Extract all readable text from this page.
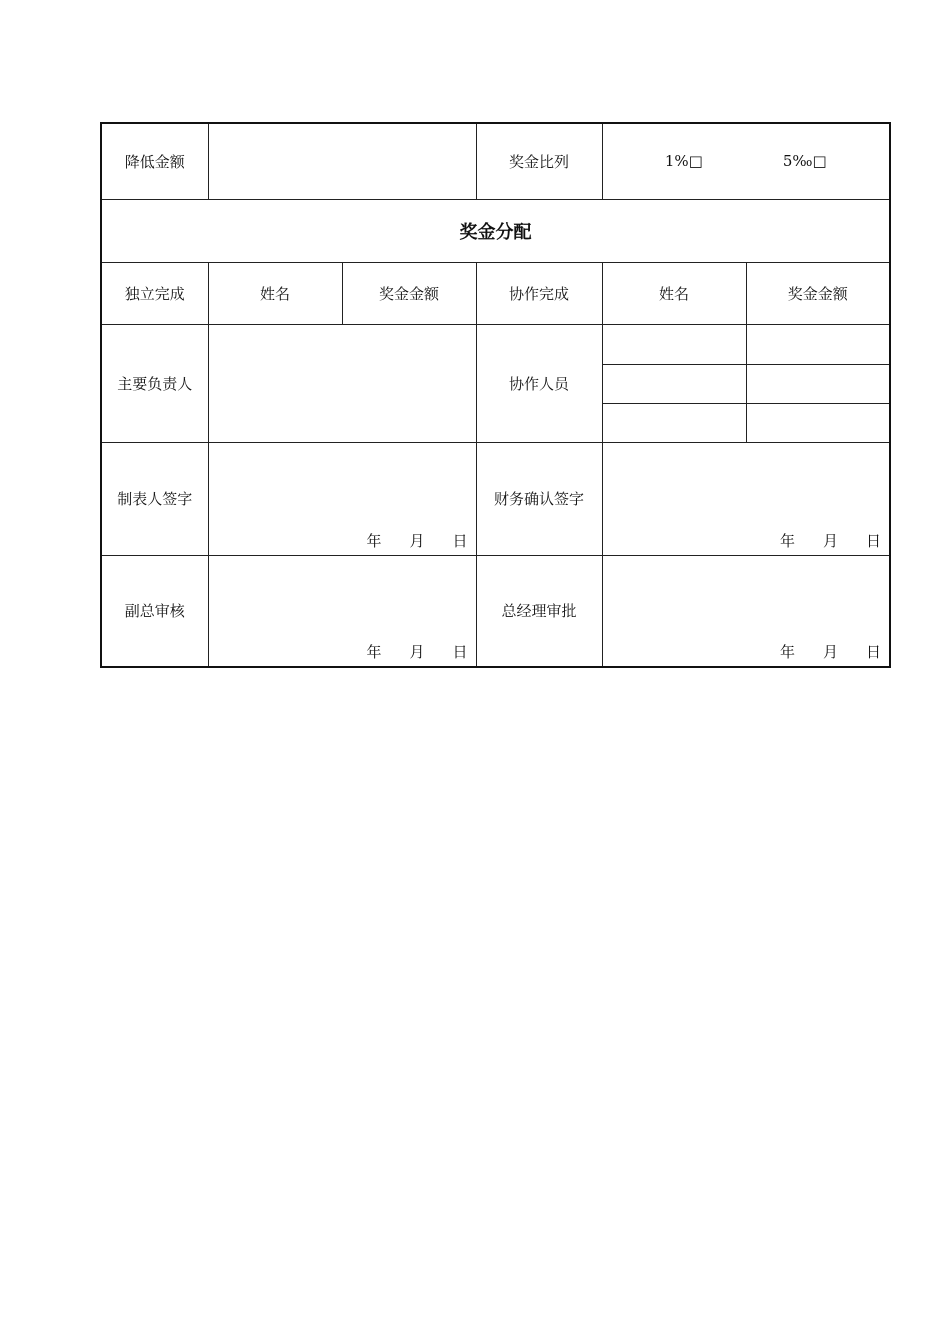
降低金额			奖金比列	1%□ 5‰□	
奖金分配					
独立完成	姓名	奖金金额	协作完成	姓名	奖金金额
主要负责人			协作人员		

制表人签字	年 月 日		财务确认签字	年 月 日	

副总审核	年 月 日		总经理审批	年 月 日	
